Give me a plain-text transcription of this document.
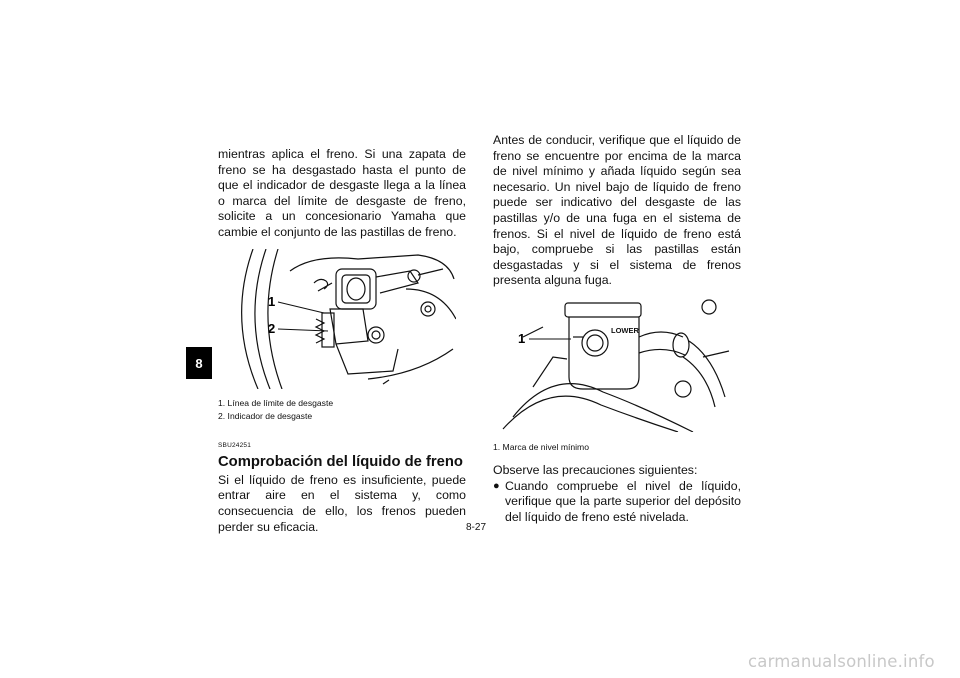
8

mientras aplica el freno. Si una zapata de freno se ha desgastado hasta el punto de que el indicador de desgaste llega a la línea o marca del límite de desgaste de freno, solicite a un concesionario Yamaha que cambie el conjunto de las pastillas de freno.

1
2
1. Línea de límite de desgaste
2. Indicador de desgaste
SBU24251
Comprobación del líquido de freno

Si el líquido de freno es insuficiente, puede entrar aire en el sistema y, como consecuencia de ello, los frenos pueden perder su eficacia.

Antes de conducir, verifique que el líquido de freno se encuentre por encima de la marca de nivel mínimo y añada líquido según sea necesario. Un nivel bajo de líquido de freno puede ser indicativo del desgaste de las pastillas y/o de una fuga en el sistema de frenos. Si el nivel de líquido de freno está bajo, compruebe si las pastillas están desgastadas y si el sistema de frenos presenta alguna fuga.

LOWER
1
1. Marca de nivel mínimo

Observe las precauciones siguientes:

● Cuando compruebe el nivel de líquido, verifique que la parte superior del depósito del líquido de freno esté nivelada.
8-27
carmanualsonline.info
